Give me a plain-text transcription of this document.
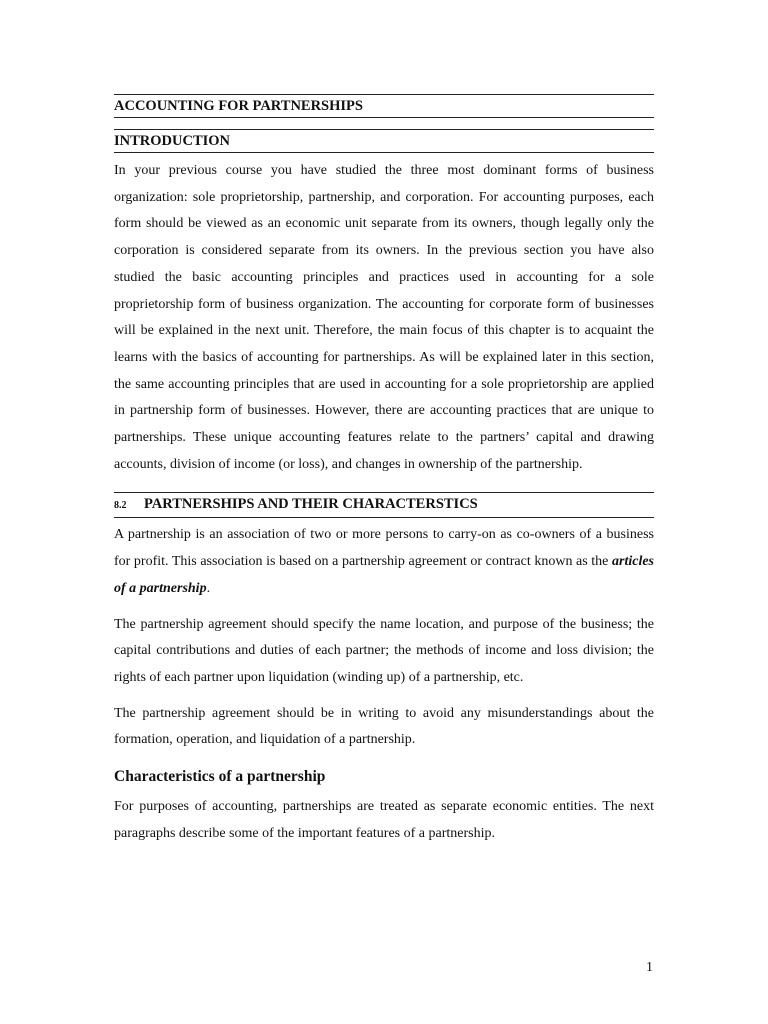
ACCOUNTING FOR PARTNERSHIPS
INTRODUCTION

In your previous course you have studied the three most dominant forms of business organization: sole proprietorship, partnership, and corporation. For accounting purposes, each form should be viewed as an economic unit separate from its owners, though legally only the corporation is considered separate from its owners. In the previous section you have also studied the basic accounting principles and practices used in accounting for a sole proprietorship form of business organization. The accounting for corporate form of businesses will be explained in the next unit. Therefore, the main focus of this chapter is to acquaint the learns with the basics of accounting for partnerships. As will be explained later in this section, the same accounting principles that are used in accounting for a sole proprietorship are applied in partnership form of businesses. However, there are accounting practices that are unique to partnerships. These unique accounting features relate to the partners’ capital and drawing accounts, division of income (or loss), and changes in ownership of the partnership.

8.2	PARTNERSHIPS AND THEIR CHARACTERSTICS

A partnership is an association of two or more persons to carry-on as co-owners of a business for profit. This association is based on a partnership agreement or contract known as the articles of a partnership.

The partnership agreement should specify the name location, and purpose of the business; the capital contributions and duties of each partner; the methods of income and loss division; the rights of each partner upon liquidation (winding up) of a partnership, etc.

The partnership agreement should be in writing to avoid any misunderstandings about the formation, operation, and liquidation of a partnership.

Characteristics of a partnership

For purposes of accounting, partnerships are treated as separate economic entities. The next paragraphs describe some of the important features of a partnership.

1
